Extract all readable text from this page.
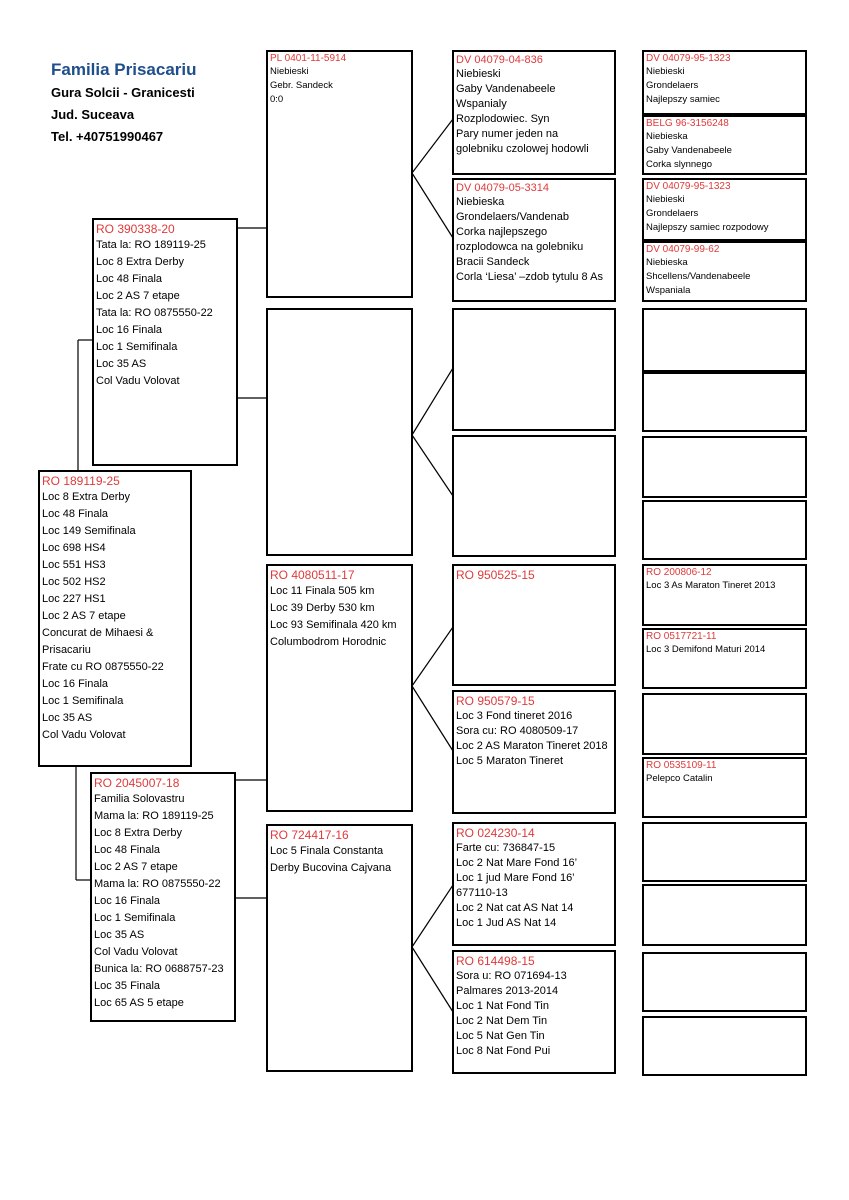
Familia Prisacariu
Gura Solcii - Granicesti
Jud. Suceava
Tel. +40751990467
RO 189119-25
Loc 8 Extra Derby
Loc 48 Finala
Loc 149 Semifinala
Loc 698 HS4
Loc 551 HS3
Loc 502 HS2
Loc 227 HS1
Loc 2 AS 7 etape
Concurat de Mihaesi &
Prisacariu
Frate cu RO 0875550-22
Loc 16 Finala
Loc 1 Semifinala
Loc 35 AS
Col Vadu Volovat
RO 390338-20
Tata la: RO 189119-25
Loc 8 Extra Derby
Loc 48 Finala
Loc 2 AS 7 etape
Tata la: RO 0875550-22
Loc 16 Finala
Loc 1 Semifinala
Loc 35 AS
Col Vadu Volovat
RO 2045007-18
Familia Solovastru
Mama la: RO 189119-25
Loc 8 Extra Derby
Loc 48 Finala
Loc 2 AS 7 etape
Mama la: RO 0875550-22
Loc 16 Finala
Loc 1 Semifinala
Loc 35 AS
Col Vadu Volovat
Bunica la: RO 0688757-23
Loc 35 Finala
Loc 65 AS 5 etape
PL 0401-11-5914
Niebieski
Gebr. Sandeck
0:0
RO 4080511-17
Loc 11 Finala 505 km
Loc 39 Derby 530 km
Loc 93 Semifinala 420 km
Columbodrom Horodnic
RO 724417-16
Loc 5 Finala Constanta
Derby Bucovina Cajvana
DV 04079-04-836
Niebieski
Gaby Vandenabeele
Wspanialy
Rozplodowiec. Syn
Pary numer jeden na
golebniku czolowej hodowli
DV 04079-05-3314
Niebieska
Grondelaers/Vandenab
Corka najlepszego
rozplodowca na golebniku
Bracii Sandeck
Corla ‘Liesa’ –zdob tytulu 8 As
RO 950525-15
RO 950579-15
Loc 3 Fond tineret 2016
Sora cu: RO 4080509-17
Loc 2 AS Maraton Tineret 2018
Loc 5 Maraton Tineret
RO 024230-14
Farte cu: 736847-15
Loc 2 Nat Mare Fond 16’
Loc 1 jud Mare Fond 16’
677110-13
Loc 2 Nat cat AS Nat 14
Loc 1 Jud AS Nat 14
RO 614498-15
Sora u: RO 071694-13
Palmares 2013-2014
Loc 1 Nat Fond Tin
Loc 2 Nat Dem Tin
Loc 5 Nat Gen Tin
Loc 8 Nat Fond Pui
DV 04079-95-1323
Niebieski
Grondelaers
Najlepszy samiec
BELG 96-3156248
Niebieska
Gaby Vandenabeele
Corka slynnego
DV 04079-95-1323
Niebieski
Grondelaers
Najlepszy samiec rozpodowy
DV 04079-99-62
Niebieska
Shcellens/Vandenabeele
Wspaniala
RO 200806-12
Loc 3 As Maraton Tineret 2013
RO 0517721-11
Loc 3 Demifond Maturi 2014
RO 0535109-11
Pelepco Catalin
